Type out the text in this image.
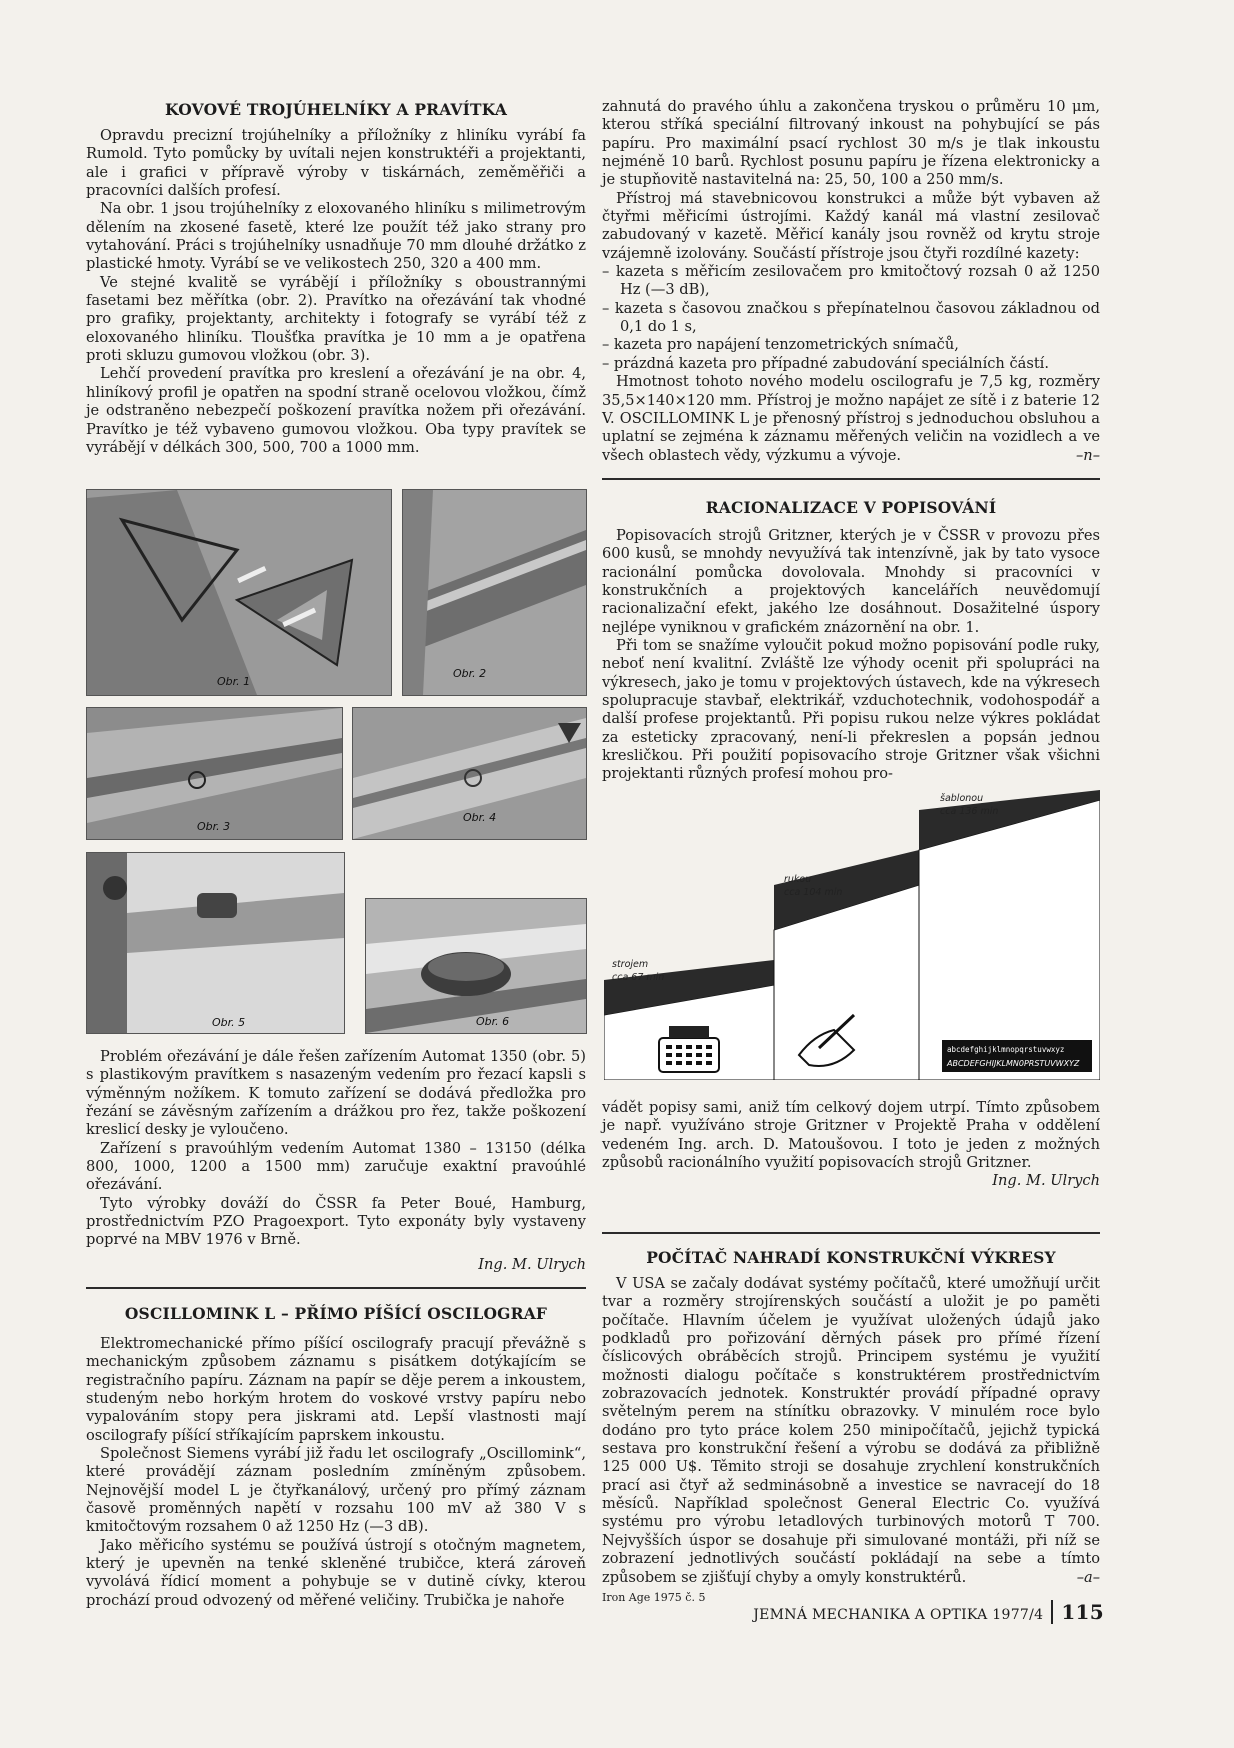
KOVOVÉ TROJÚHELNÍKY A PRAVÍTKA

Opravdu precizní trojúhelníky a příložníky z hliníku vyrábí fa Rumold. Tyto pomůcky by uvítali nejen konstruktéři a projektanti, ale i grafici v přípravě výroby v tiskárnách, zeměměřiči a pracovníci dalších profesí.

Na obr. 1 jsou trojúhelníky z eloxovaného hliníku s milimetrovým dělením na zkosené fasetě, které lze použít též jako strany pro vytahování. Práci s trojúhelníky usnadňuje 70 mm dlouhé držátko z plastické hmoty. Vyrábí se ve velikostech 250, 320 a 400 mm.

Ve stejné kvalitě se vyrábějí i příložníky s oboustrannými fasetami bez měřítka (obr. 2). Pravítko na ořezávání tak vhodné pro grafiky, projektanty, architekty i fotografy se vyrábí též z eloxovaného hliníku. Tloušťka pravítka je 10 mm a je opatřena proti skluzu gumovou vložkou (obr. 3).

Lehčí provedení pravítka pro kreslení a ořezávání je na obr. 4, hliníkový profil je opatřen na spodní straně ocelovou vložkou, čímž je odstraněno nebezpečí poškození pravítka nožem při ořezávání. Pravítko je též vybaveno gumovou vložkou. Oba typy pravítek se vyrábějí v délkách 300, 500, 700 a 1000 mm.

Obr. 1
Obr. 2
Obr. 3
Obr. 4
Obr. 5	Obr. 6

Problém ořezávání je dále řešen zařízením Automat 1350 (obr. 5) s plastikovým pravítkem s nasazeným vedením pro řezací kapsli s výměnným nožíkem. K tomuto zařízení se dodává předložka pro řezání se závěsným zařízením a drážkou pro řez, takže poškození kreslicí desky je vyloučeno.

Zařízení s pravoúhlým vedením Automat 1380 – 13150 (délka 800, 1000, 1200 a 1500 mm) zaručuje exaktní pravoúhlé ořezávání.

Tyto výrobky dováží do ČSSR fa Peter Boué, Hamburg, prostřednictvím PZO Pragoexport. Tyto exponáty byly vystaveny poprvé na MBV 1976 v Brně.

Ing. M. Ulrych

OSCILLOMINK L – PŘÍMO PÍŠÍCÍ OSCILOGRAF

Elektromechanické přímo píšící oscilografy pracují převážně s mechanickým způsobem záznamu s pisátkem dotýkajícím se registračního papíru. Záznam na papír se děje perem a inkoustem, studeným nebo horkým hrotem do voskové vrstvy papíru nebo vypalováním stopy pera jiskrami atd. Lepší vlastnosti mají oscilografy píšící stříkajícím paprskem inkoustu.

Společnost Siemens vyrábí již řadu let oscilografy „Oscillomink“, které provádějí záznam posledním zmíněným způsobem. Nejnovější model L je čtyřkanálový, určený pro přímý záznam časově proměnných napětí v rozsahu 100 mV až 380 V s kmitočtovým rozsahem 0 až 1250 Hz (—3 dB).

Jako měřicího systému se používá ústrojí s otočným magnetem, který je upevněn na tenké skleněné trubičce, která zároveň vyvolává řídicí moment a pohybuje se v dutině cívky, kterou prochází proud odvozený od měřené veličiny. Trubička je nahoře

zahnutá do pravého úhlu a zakončena tryskou o průměru 10 μm, kterou stříká speciální filtrovaný inkoust na pohybující se pás papíru. Pro maximální psací rychlost 30 m/s je tlak inkoustu nejméně 10 barů. Rychlost posunu papíru je řízena elektronicky a je stupňovitě nastavitelná na: 25, 50, 100 a 250 mm/s.

Přístroj má stavebnicovou konstrukci a může být vybaven až čtyřmi měřicími ústrojími. Každý kanál má vlastní zesilovač zabudovaný v kazetě. Měřicí kanály jsou rovněž od krytu stroje vzájemně izolovány. Součástí přístroje jsou čtyři rozdílné kazety:

– kazeta s měřicím zesilovačem pro kmitočtový rozsah 0 až 1250 Hz (—3 dB),
– kazeta s časovou značkou s přepínatelnou časovou základnou od 0,1 do 1 s,
– kazeta pro napájení tenzometrických snímačů,
– prázdná kazeta pro případné zabudování speciálních částí.

Hmotnost tohoto nového modelu oscilografu je 7,5 kg, rozměry 35,5×140×120 mm. Přístroj je možno napájet ze sítě i z baterie 12 V. OSCILLOMINK L je přenosný přístroj s jednoduchou obsluhou a uplatní se zejména k záznamu měřených veličin na vozidlech a ve všech oblastech vědy, výzkumu a vývoje.	–n–

RACIONALIZACE V POPISOVÁNÍ

Popisovacích strojů Gritzner, kterých je v ČSSR v provozu přes 600 kusů, se mnohdy nevyužívá tak intenzívně, jak by tato vysoce racionální pomůcka dovolovala. Mnohdy si pracovníci v konstrukčních a projektových kancelářích neuvědomují racionalizační efekt, jakého lze dosáhnout. Dosažitelné úspory nejlépe vyniknou v grafickém znázornění na obr. 1.

Při tom se snažíme vyloučit pokud možno popisování podle ruky, neboť není kvalitní. Zvláště lze výhody ocenit při spolupráci na výkresech, jako je tomu v projektových ústavech, kde na výkresech spolupracuje stavbař, elektrikář, vzduchotechnik, vodohospodář a další profese projektantů. Při popisu rukou nelze výkres pokládat za esteticky zpracovaný, není-li překreslen a popsán jednou kresličkou. Při použití popisovacího stroje Gritzner však všichni projektanti různých profesí mohou pro-

strojem
cca 67 min
rukou
cca 104 min
šablonou
cca 136 min
abcdefghijklmnopqrstuvwxyz
ABCDEFGHIJKLMN0PRSTUVWXYZ

vádět popisy sami, aniž tím celkový dojem utrpí. Tímto způsobem je např. využíváno stroje Gritzner v Projektě Praha v oddělení vedeném Ing. arch. D. Matoušovou. I toto je jeden z možných způsobů racionálního využití popisovacích strojů Gritzner.

Ing. M. Ulrych

POČÍTAČ NAHRADÍ KONSTRUKČNÍ VÝKRESY

V USA se začaly dodávat systémy počítačů, které umožňují určit tvar a rozměry strojírenských součástí a uložit je po paměti počítače. Hlavním účelem je využívat uložených údajů jako podkladů pro pořizování děrných pásek pro přímé řízení číslicových obráběcích strojů. Principem systému je využití možnosti dialogu počítače s konstruktérem prostřednictvím zobrazovacích jednotek. Konstruktér provádí případné opravy světelným perem na stínítku obrazovky. V minulém roce bylo dodáno pro tyto práce kolem 250 minipočítačů, jejichž typická sestava pro konstrukční řešení a výrobu se dodává za přibližně 125 000 U$. Těmito stroji se dosahuje zrychlení konstrukčních prací asi čtyř až sedminásobně a investice se navracejí do 18 měsíců. Například společnost General Electric Co. využívá systému pro výrobu letadlových turbinových motorů T 700. Nejvyšších úspor se dosahuje při simulované montáži, při níž se zobrazení jednotlivých součástí pokládají na sebe a tímto způsobem se zjišťují chyby a omyly konstruktérů.	–a–

Iron Age 1975 č. 5
JEMNÁ MECHANIKA A OPTIKA 1977/4 115
